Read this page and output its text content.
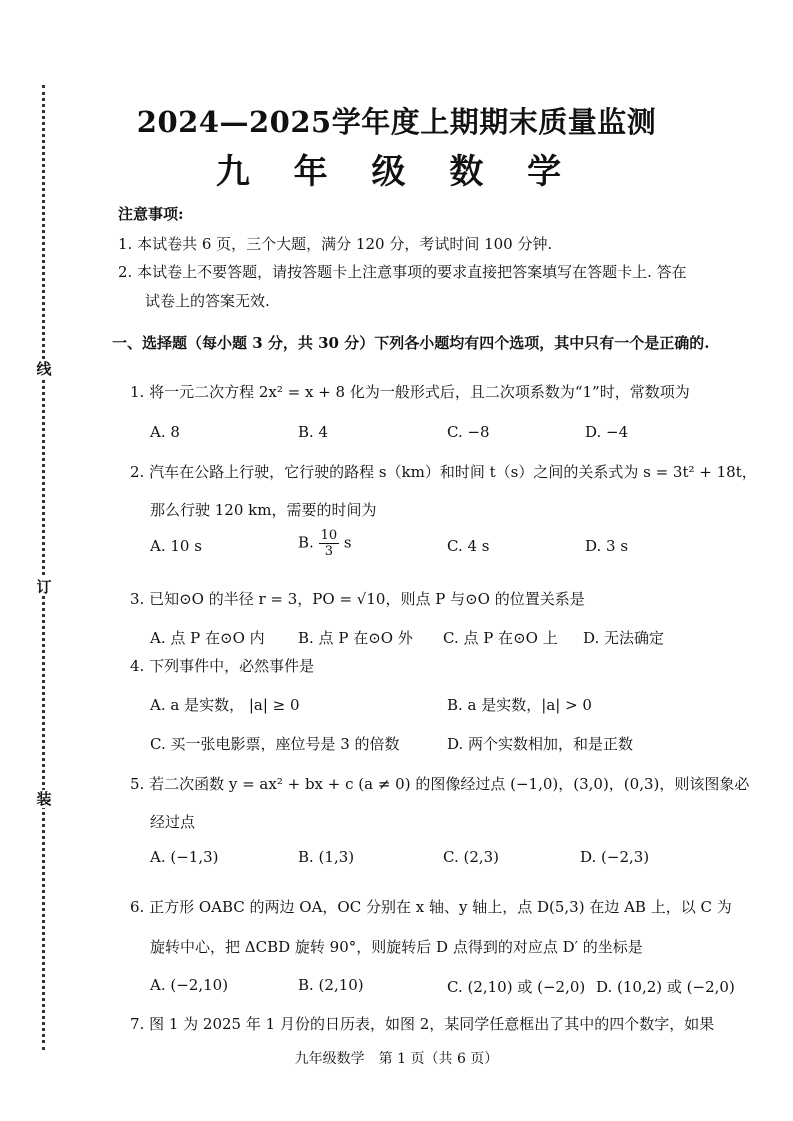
线
订
装
2024—2025学年度上期期末质量监测
九 年 级 数 学
注意事项:
1. 本试卷共 6 页，三个大题，满分 120 分，考试时间 100 分钟.
2. 本试卷上不要答题，请按答题卡上注意事项的要求直接把答案填写在答题卡上. 答在
试卷上的答案无效.
一、选择题（每小题 3 分，共 30 分）下列各小题均有四个选项，其中只有一个是正确的.
1. 将一元二次方程 2x² = x + 8 化为一般形式后，且二次项系数为“1”时，常数项为
A. 8	B. 4	C. −8	D. −4
2. 汽车在公路上行驶，它行驶的路程 s（km）和时间 t（s）之间的关系式为 s = 3t² + 18t，
那么行驶 120 km，需要的时间为
A. 10 s	B. $\frac{10}{3}$ s	C. 4 s	D. 3 s
3. 已知⊙O 的半径 r = 3，PO = √10，则点 P 与⊙O 的位置关系是
A. 点 P 在⊙O 内 B. 点 P 在⊙O 外 C. 点 P 在⊙O 上 D. 无法确定
4. 下列事件中，必然事件是
A. a 是实数， |a| ≥ 0	B. a 是实数，|a| > 0
C. 买一张电影票，座位号是 3 的倍数	D. 两个实数相加，和是正数
5. 若二次函数 y = ax² + bx + c (a ≠ 0) 的图像经过点 (−1,0)，(3,0)，(0,3)，则该图象必
经过点
A. (−1,3)	B. (1,3)	C. (2,3)	D. (−2,3)
6. 正方形 OABC 的两边 OA，OC 分别在 x 轴、y 轴上，点 D(5,3) 在边 AB 上，以 C 为
旋转中心，把 ΔCBD 旋转 90°，则旋转后 D 点得到的对应点 D′ 的坐标是
A. (−2,10)	B. (2,10)	C. (2,10) 或 (−2,0) D. (10,2) 或 (−2,0)
7. 图 1 为 2025 年 1 月份的日历表，如图 2，某同学任意框出了其中的四个数字，如果
九年级数学　第 1 页（共 6 页）
